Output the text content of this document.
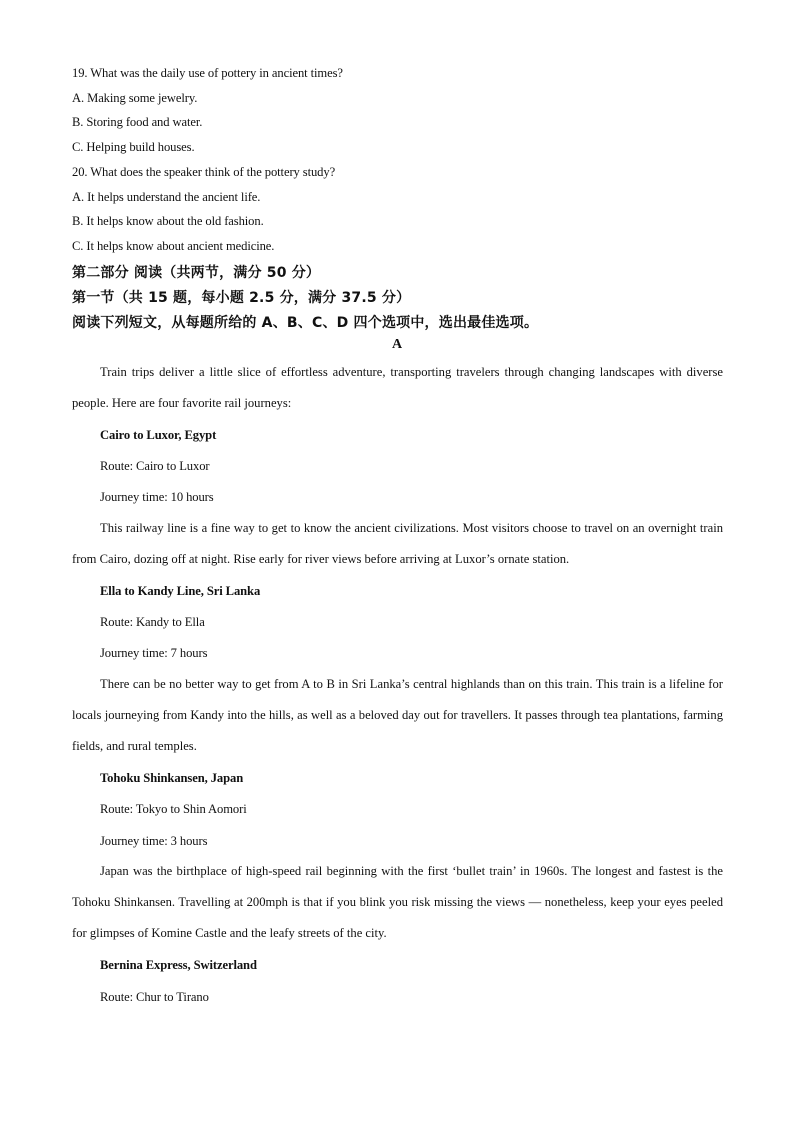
19. What was the daily use of pottery in ancient times?
A. Making some jewelry.
B. Storing food and water.
C. Helping build houses.
20. What does the speaker think of the pottery study?
A. It helps understand the ancient life.
B. It helps know about the old fashion.
C. It helps know about ancient medicine.
第二部分 阅读（共两节，满分 50 分）
第一节（共 15 题，每小题 2.5 分，满分 37.5 分）
阅读下列短文，从每题所给的 A、B、C、D 四个选项中，选出最佳选项。
A
Train trips deliver a little slice of effortless adventure, transporting travelers through changing landscapes with diverse people. Here are four favorite rail journeys:
Cairo to Luxor, Egypt
Route: Cairo to Luxor
Journey time: 10 hours
This railway line is a fine way to get to know the ancient civilizations. Most visitors choose to travel on an overnight train from Cairo, dozing off at night. Rise early for river views before arriving at Luxor’s ornate station.
Ella to Kandy Line, Sri Lanka
Route: Kandy to Ella
Journey time: 7 hours
There can be no better way to get from A to B in Sri Lanka’s central highlands than on this train. This train is a lifeline for locals journeying from Kandy into the hills, as well as a beloved day out for travellers. It passes through tea plantations, farming fields, and rural temples.
Tohoku Shinkansen, Japan
Route: Tokyo to Shin Aomori
Journey time: 3 hours
Japan was the birthplace of high-speed rail beginning with the first ‘bullet train’ in 1960s. The longest and fastest is the Tohoku Shinkansen. Travelling at 200mph is that if you blink you risk missing the views — nonetheless, keep your eyes peeled for glimpses of Komine Castle and the leafy streets of the city.
Bernina Express, Switzerland
Route: Chur to Tirano
